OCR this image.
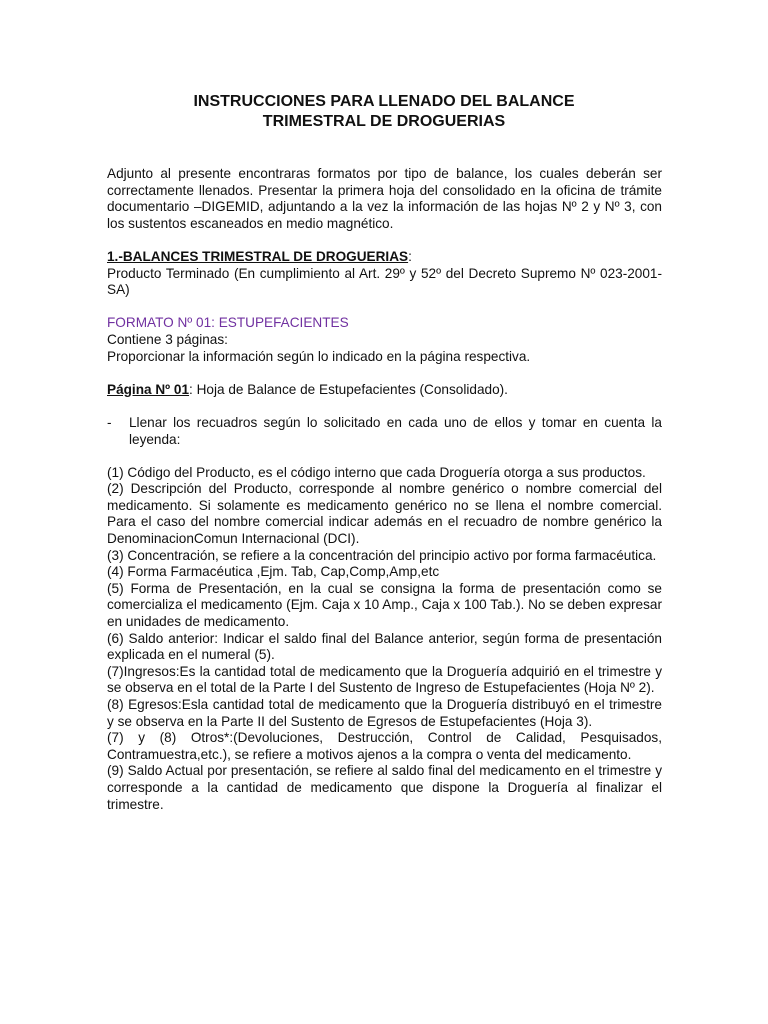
INSTRUCCIONES PARA LLENADO DEL BALANCE
TRIMESTRAL DE DROGUERIAS

Adjunto al presente encontraras formatos por tipo de balance, los cuales deberán ser correctamente llenados. Presentar la primera hoja del consolidado en la oficina de trámite documentario –DIGEMID, adjuntando a la vez la información de las hojas Nº 2 y Nº 3, con los sustentos escaneados en medio magnético.

1.-BALANCES TRIMESTRAL DE DROGUERIAS:

Producto Terminado (En cumplimiento al Art. 29º y 52º del Decreto Supremo Nº 023-2001-SA)

FORMATO Nº 01: ESTUPEFACIENTES

Contiene 3 páginas:

Proporcionar la información según lo indicado en la página respectiva.

Página Nº 01: Hoja de Balance de Estupefacientes (Consolidado).

-	Llenar los recuadros según lo solicitado en cada uno de ellos y tomar en cuenta la leyenda:

(1) Código del Producto, es el código interno que cada Droguería otorga a sus productos.

(2) Descripción del Producto, corresponde al nombre genérico o nombre comercial del medicamento. Si solamente es medicamento genérico no se llena el nombre comercial. Para el caso del nombre comercial indicar además en el recuadro de nombre genérico la DenominacionComun Internacional (DCI).

(3) Concentración, se refiere a la concentración del principio activo por forma farmacéutica.

(4) Forma Farmacéutica ,Ejm. Tab, Cap,Comp,Amp,etc

(5) Forma de Presentación, en la cual se consigna la forma de presentación como se comercializa el medicamento (Ejm. Caja x 10 Amp., Caja x 100 Tab.). No se deben expresar en unidades de medicamento.

(6) Saldo anterior: Indicar el saldo final del Balance anterior, según forma de presentación explicada en el numeral (5).

(7)Ingresos:Es la cantidad total de medicamento que la Droguería adquirió en el trimestre y se observa en el total de la Parte I del Sustento de Ingreso de Estupefacientes (Hoja Nº 2).

(8) Egresos:Esla cantidad total de medicamento que la Droguería distribuyó en el trimestre y se observa en la Parte II del Sustento de Egresos de Estupefacientes (Hoja 3).

(7) y (8) Otros*:(Devoluciones, Destrucción, Control de Calidad, Pesquisados, Contramuestra,etc.), se refiere a motivos ajenos a la compra o venta del medicamento.

(9) Saldo Actual por presentación, se refiere al saldo final del medicamento en el trimestre y corresponde a la cantidad de medicamento que dispone la Droguería al finalizar el trimestre.
